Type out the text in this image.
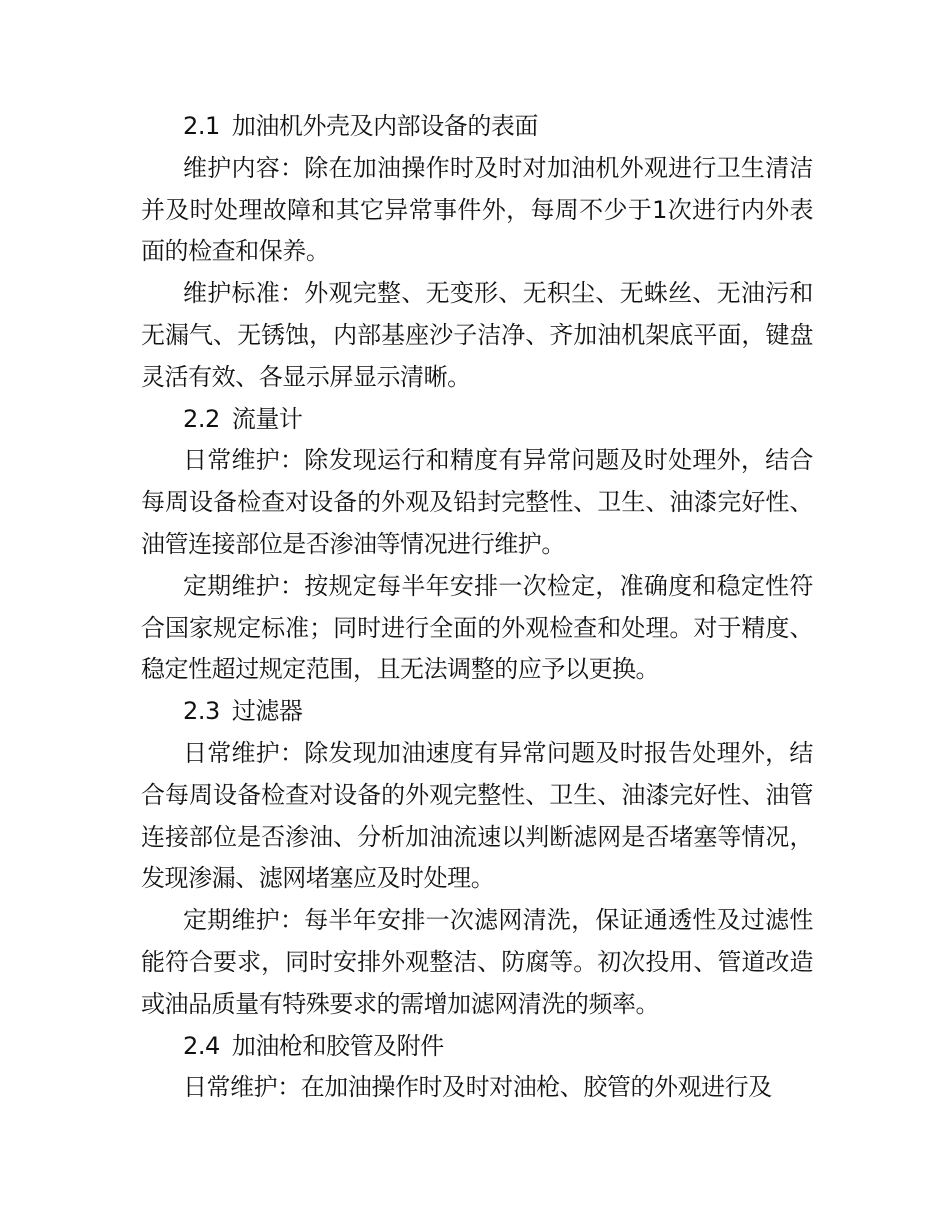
2.1 加油机外壳及内部设备的表面

维护内容：除在加油操作时及时对加油机外观进行卫生清洁并及时处理故障和其它异常事件外，每周不少于1次进行内外表面的检查和保养。

维护标准：外观完整、无变形、无积尘、无蛛丝、无油污和无漏气、无锈蚀，内部基座沙子洁净、齐加油机架底平面，键盘灵活有效、各显示屏显示清晰。

2.2 流量计

日常维护：除发现运行和精度有异常问题及时处理外，结合每周设备检查对设备的外观及铅封完整性、卫生、油漆完好性、油管连接部位是否渗油等情况进行维护。

定期维护：按规定每半年安排一次检定，准确度和稳定性符合国家规定标准；同时进行全面的外观检查和处理。对于精度、稳定性超过规定范围，且无法调整的应予以更换。

2.3 过滤器

日常维护：除发现加油速度有异常问题及时报告处理外，结合每周设备检查对设备的外观完整性、卫生、油漆完好性、油管连接部位是否渗油、分析加油流速以判断滤网是否堵塞等情况，发现渗漏、滤网堵塞应及时处理。

定期维护：每半年安排一次滤网清洗，保证通透性及过滤性能符合要求，同时安排外观整洁、防腐等。初次投用、管道改造或油品质量有特殊要求的需增加滤网清洗的频率。

2.4 加油枪和胶管及附件

日常维护：在加油操作时及时对油枪、胶管的外观进行及
